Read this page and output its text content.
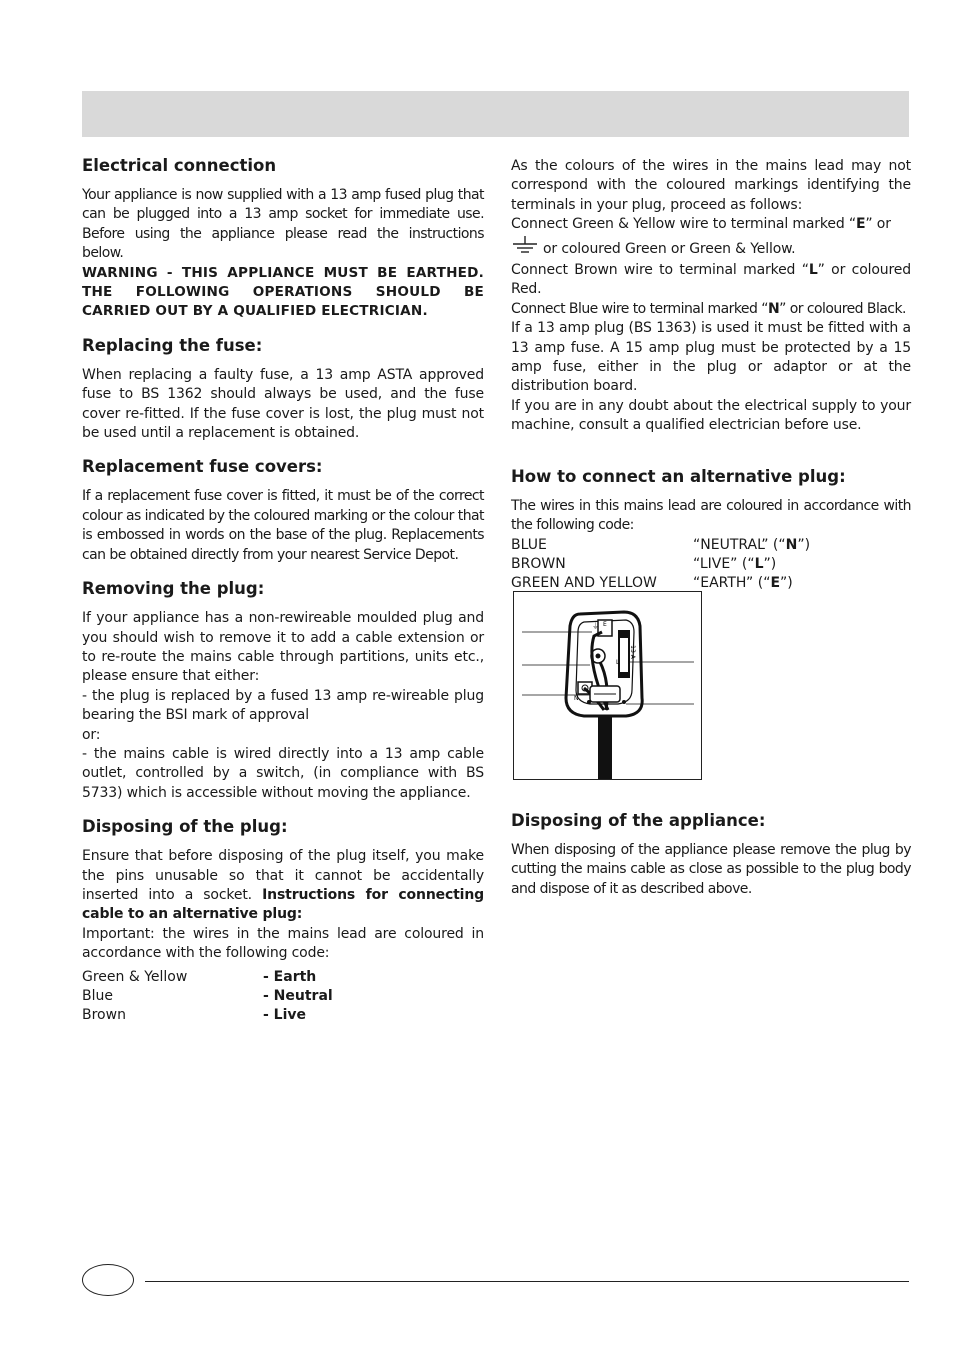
Electrical connection

Your appliance is now supplied with a 13 amp fused plug that can be plugged into a 13 amp socket for immediate use. Before using the appliance please read the instructions below.

WARNING - THIS APPLIANCE MUST BE EARTHED. THE FOLLOWING OPERATIONS SHOULD BE CARRIED OUT BY A QUALIFIED ELECTRICIAN.

Replacing the fuse:

When replacing a faulty fuse, a 13 amp ASTA approved fuse to BS 1362 should always be used, and the fuse cover re-fitted. If the fuse cover is lost, the plug must not be used until a replacement is obtained.

Replacement fuse covers:

If a replacement fuse cover is fitted, it must be of the correct colour as indicated by the coloured marking or the colour that is embossed in words on the base of the plug. Replacements can be obtained directly from your nearest Service Depot.

Removing the plug:

If your appliance has a non-rewireable moulded plug and you should wish to remove it to add a cable extension or to re-route the mains cable through partitions, units etc., please ensure that either:

- the plug is replaced by a fused 13 amp re-wireable plug bearing the BSI mark of approval

or:

- the mains cable is wired directly into a 13 amp cable outlet, controlled by a switch, (in compliance with BS 5733) which is accessible without moving the appliance.

Disposing of the plug:

Ensure that before disposing of the plug itself, you make the pins unusable so that it cannot be accidentally inserted into a socket. Instructions for connecting cable to an alternative plug:

Important: the wires in the mains lead are coloured in accordance with the following code:

Green & Yellow	- Earth
Blue	- Neutral
Brown	- Live

As the colours of the wires in the mains lead may not correspond with the coloured markings identifying the terminals in your plug, proceed as follows:

Connect Green & Yellow wire to terminal marked “E” or

or coloured Green or Green & Yellow.

Connect Brown wire to terminal marked “L” or coloured Red.

Connect Blue wire to terminal marked “N” or coloured Black.

If a 13 amp plug (BS 1363) is used it must be fitted with a 13 amp fuse. A 15 amp plug must be protected by a 15 amp fuse, either in the plug or adaptor or at the distribution board.

If you are in any doubt about the electrical supply to your machine, consult a qualified electrician before use.

How to connect an alternative plug:

The wires in this mains lead are coloured in accordance with the following code:

BLUE	“NEUTRAL” (“N”)
BROWN	“LIVE” (“L”)
GREEN AND YELLOW	“EARTH” (“E”)
Disposing of the appliance:

When disposing of the appliance please remove the plug by cutting the mains cable as close as possible to the plug body and dispose of it as described above.

⏚ E
13 A
L
N
